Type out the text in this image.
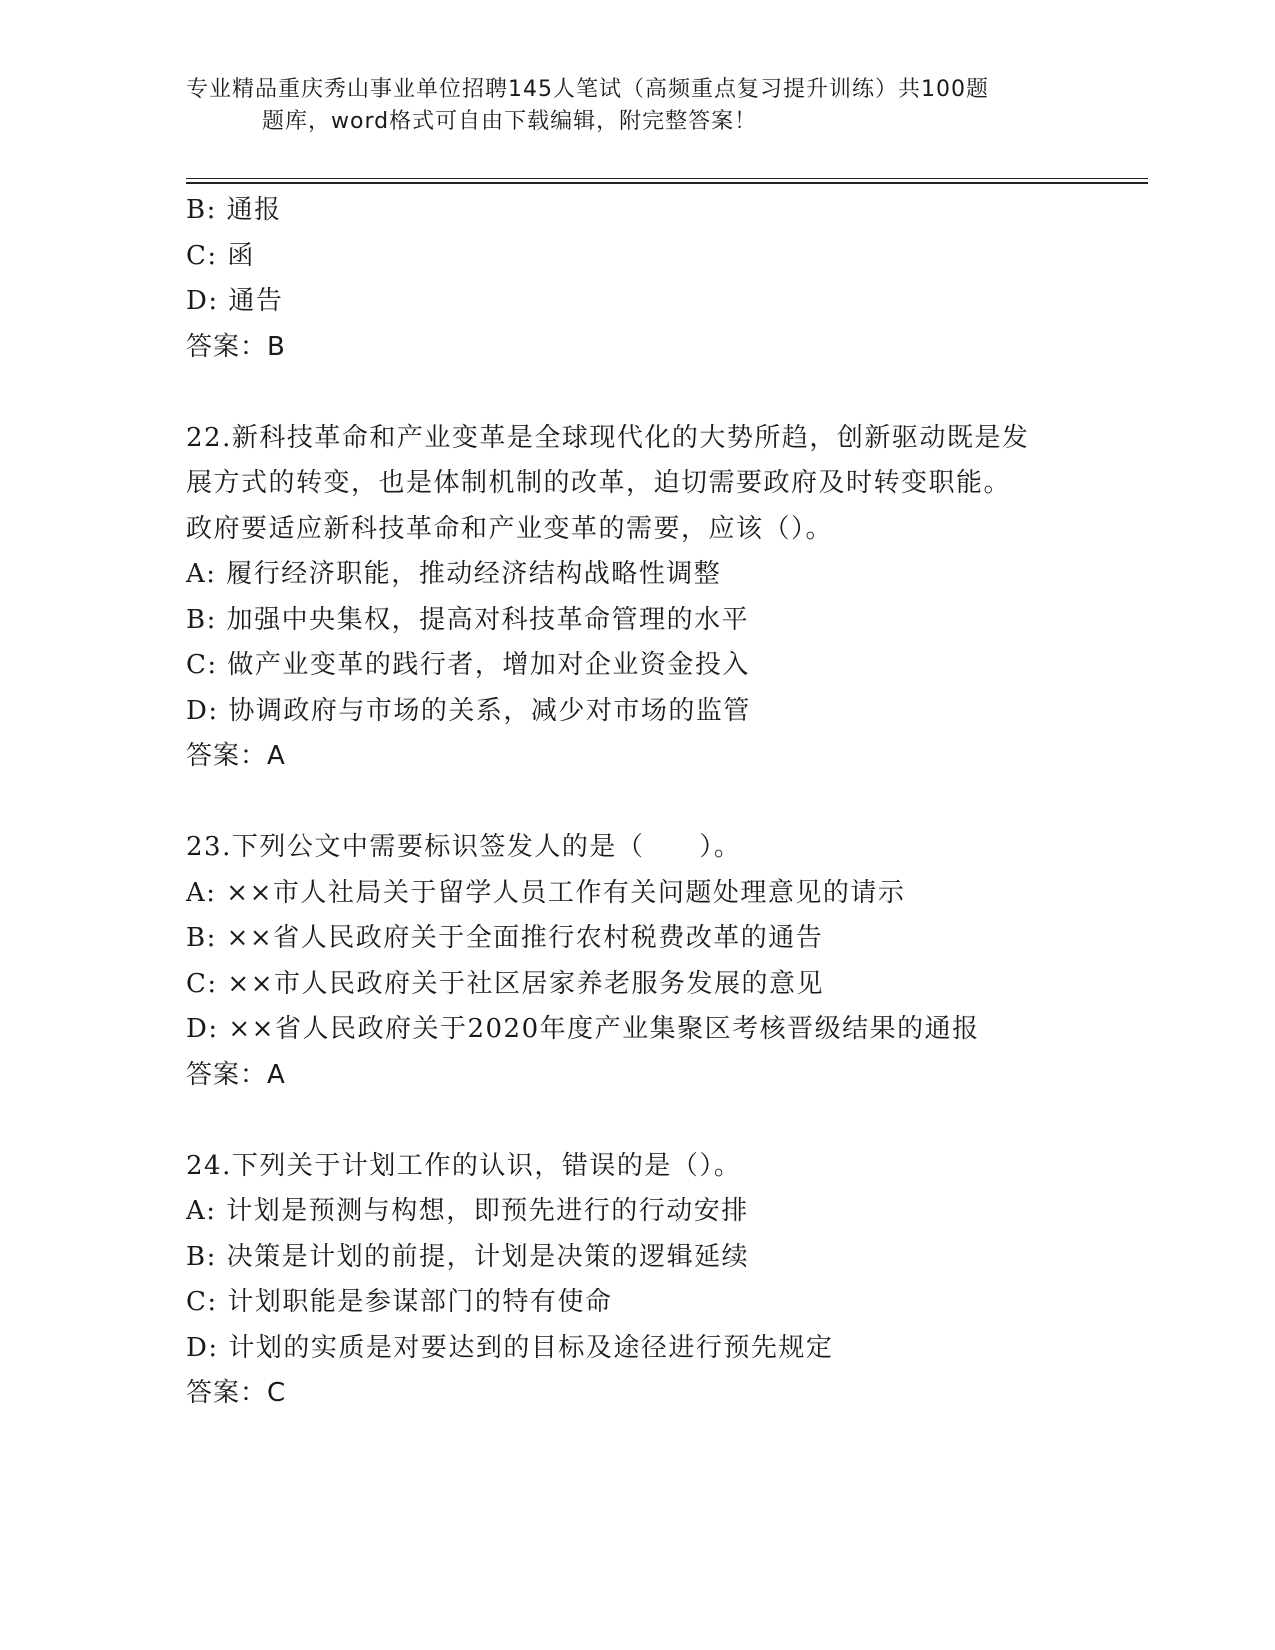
专业精品重庆秀山事业单位招聘145人笔试（高频重点复习提升训练）共100题
题库，word格式可自由下载编辑，附完整答案！
B: 通报
C: 函
D: 通告
答案：B
22.新科技革命和产业变革是全球现代化的大势所趋，创新驱动既是发
展方式的转变，也是体制机制的改革，迫切需要政府及时转变职能。
政府要适应新科技革命和产业变革的需要，应该（）。
A: 履行经济职能，推动经济结构战略性调整
B: 加强中央集权，提高对科技革命管理的水平
C: 做产业变革的践行者，增加对企业资金投入
D: 协调政府与市场的关系，减少对市场的监管
答案：A
23.下列公文中需要标识签发人的是（　　）。
A: ××市人社局关于留学人员工作有关问题处理意见的请示
B: ××省人民政府关于全面推行农村税费改革的通告
C: ××市人民政府关于社区居家养老服务发展的意见
D: ××省人民政府关于2020年度产业集聚区考核晋级结果的通报
答案：A
24.下列关于计划工作的认识，错误的是（）。
A: 计划是预测与构想，即预先进行的行动安排
B: 决策是计划的前提，计划是决策的逻辑延续
C: 计划职能是参谋部门的特有使命
D: 计划的实质是对要达到的目标及途径进行预先规定
答案：C
